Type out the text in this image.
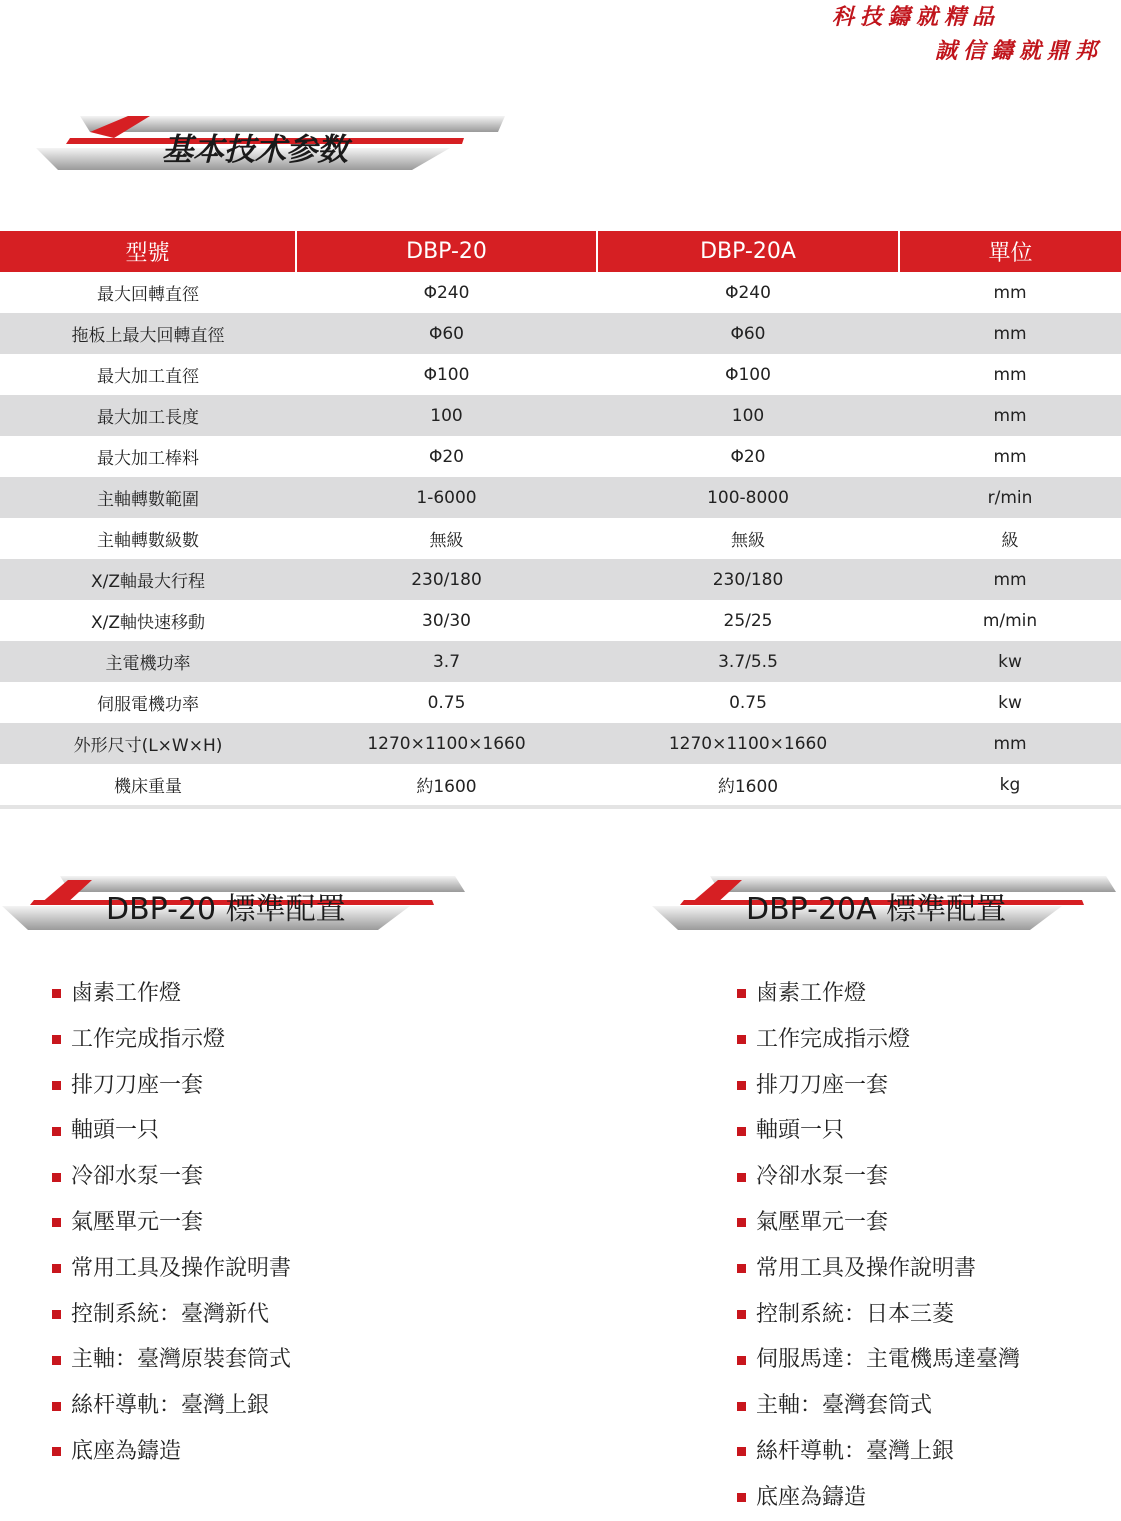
科技鑄就精品
誠信鑄就鼎邦
基本技术参数
型號	DBP-20	DBP-20A	單位
最大回轉直徑	Φ240	Φ240	mm
拖板上最大回轉直徑	Φ60	Φ60	mm
最大加工直徑	Φ100	Φ100	mm
最大加工長度	100	100	mm
最大加工棒料	Φ20	Φ20	mm
主軸轉數範圍	1-6000	100-8000	r/min
主軸轉數級數	無級	無級	級
X/Z軸最大行程	230/180	230/180	mm
X/Z軸快速移動	30/30	25/25	m/min
主電機功率	3.7	3.7/5.5	kw
伺服電機功率	0.75	0.75	kw
外形尺寸(L×W×H)	1270×1100×1660	1270×1100×1660	mm
機床重量	約1600	約1600	kg
DBP-20 標準配置	DBP-20A 標準配置
鹵素工作燈
工作完成指示燈
排刀刀座一套
軸頭一只
冷卻水泵一套
氣壓單元一套
常用工具及操作說明書
控制系統：臺灣新代
主軸：臺灣原裝套筒式
絲杆導軌：臺灣上銀
底座為鑄造
鹵素工作燈
工作完成指示燈
排刀刀座一套
軸頭一只
冷卻水泵一套
氣壓單元一套
常用工具及操作說明書
控制系統：日本三菱
伺服馬達：主電機馬達臺灣
主軸：臺灣套筒式
絲杆導軌：臺灣上銀
底座為鑄造
